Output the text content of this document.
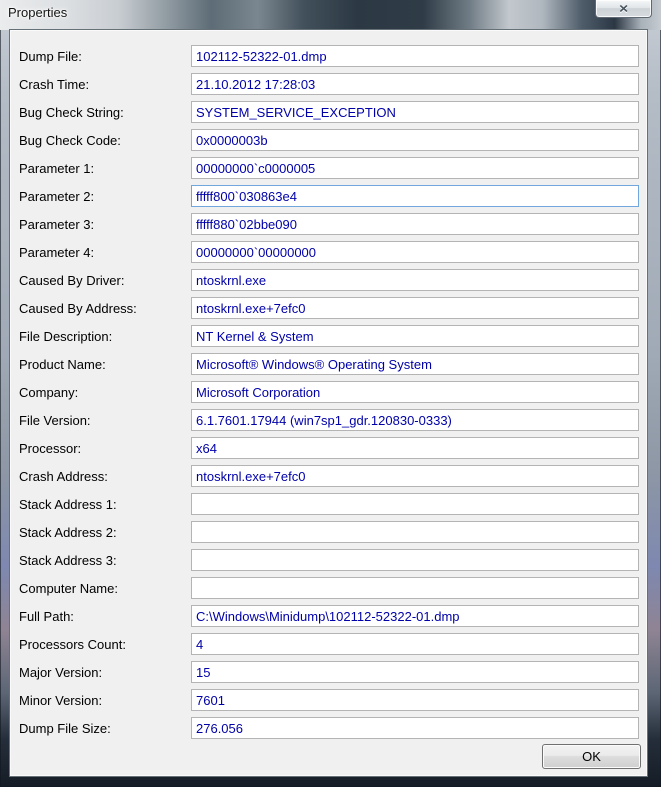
Properties	✕
Dump File:	102112-52322-01.dmp
Crash Time:	21.10.2012 17:28:03
Bug Check String:	SYSTEM_SERVICE_EXCEPTION
Bug Check Code:	0x0000003b
Parameter 1:	00000000`c0000005
Parameter 2:	fffff800`030863e4
Parameter 3:	fffff880`02bbe090
Parameter 4:	00000000`00000000
Caused By Driver:	ntoskrnl.exe
Caused By Address:	ntoskrnl.exe+7efc0
File Description:	NT Kernel & System
Product Name:	Microsoft® Windows® Operating System
Company:	Microsoft Corporation
File Version:	6.1.7601.17944 (win7sp1_gdr.120830-0333)
Processor:	x64
Crash Address:	ntoskrnl.exe+7efc0
Stack Address 1:
Stack Address 2:
Stack Address 3:
Computer Name:
Full Path:	C:\Windows\Minidump\102112-52322-01.dmp
Processors Count:	4
Major Version:	15
Minor Version:	7601
Dump File Size:	276.056
OK
